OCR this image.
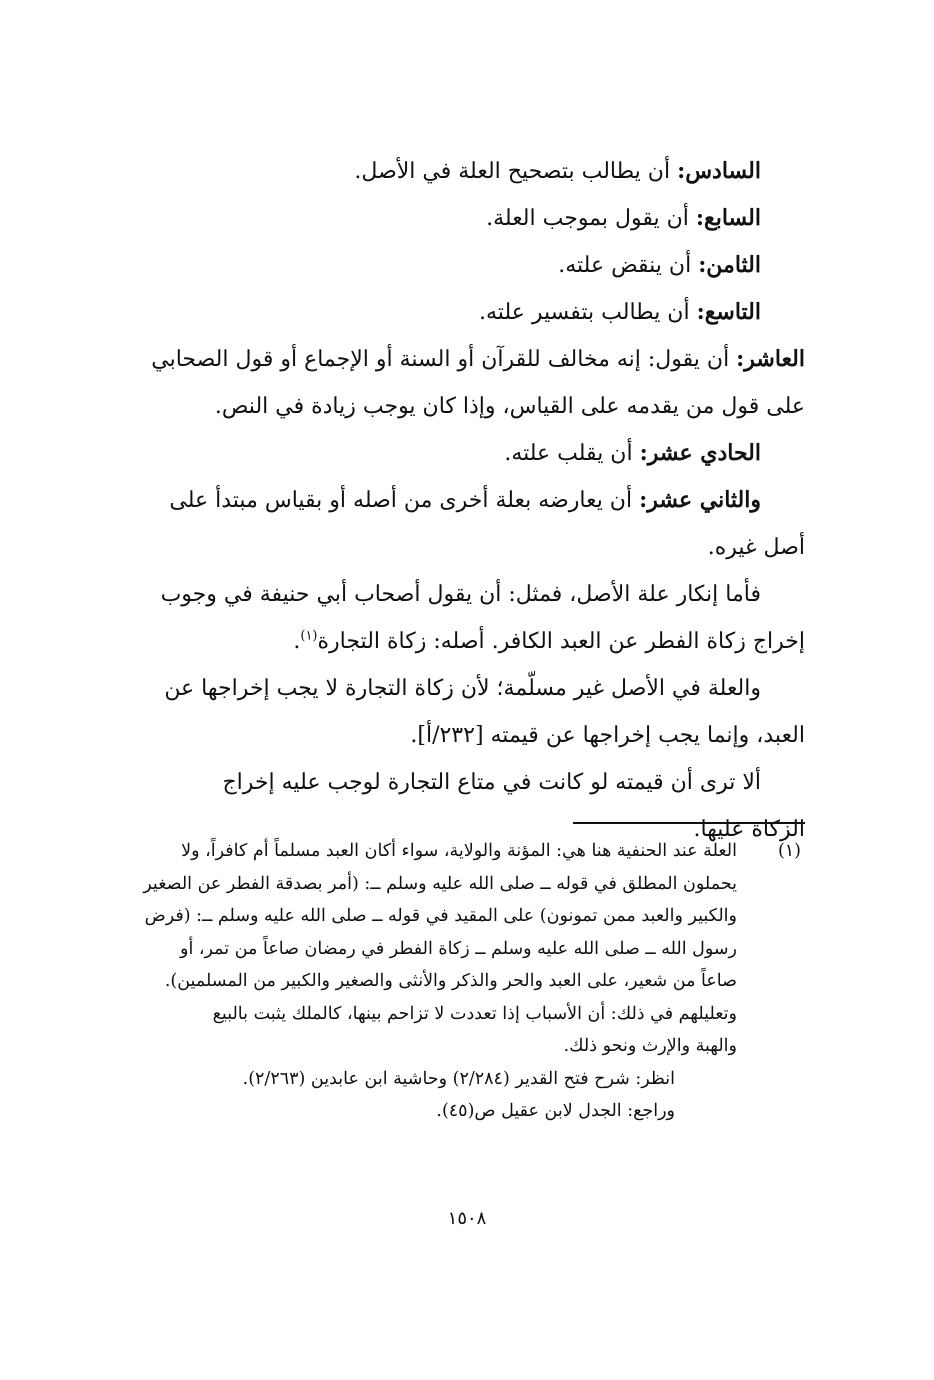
السادس: أن يطالب بتصحيح العلة في الأصل.

السابع: أن يقول بموجب العلة.

الثامن: أن ينقض علته.

التاسع: أن يطالب بتفسير علته.

العاشر: أن يقول: إنه مخالف للقرآن أو السنة أو الإجماع أو قول الصحابي

على قول من يقدمه على القياس، وإذا كان يوجب زيادة في النص.

الحادي عشر: أن يقلب علته.

والثاني عشر: أن يعارضه بعلة أخرى من أصله أو بقياس مبتدأ على

أصل غيره.

فأما إنكار علة الأصل، فمثل: أن يقول أصحاب أبي حنيفة في وجوب

إخراج زكاة الفطر عن العبد الكافر. أصله: زكاة التجارة$^{(١)}$.

والعلة في الأصل غير مسلّمة؛ لأن زكاة التجارة لا يجب إخراجها عن

العبد، وإنما يجب إخراجها عن قيمته [٢٣٢/أ].

ألا ترى أن قيمته لو كانت في متاع التجارة لوجب عليه إخراج

الزكاة عليها.

(١)

العلة عند الحنفية هنا هي: المؤنة والولاية، سواء أكان العبد مسلماً أم كافراً، ولا

يحملون المطلق في قوله ــ صلى الله عليه وسلم ــ: (أمر بصدقة الفطر عن الصغير

والكبير والعبد ممن تمونون) على المقيد في قوله ــ صلى الله عليه وسلم ــ: (فرض

رسول الله ــ صلى الله عليه وسلم ــ زكاة الفطر في رمضان صاعاً من تمر، أو

صاعاً من شعير، على العبد والحر والذكر والأنثى والصغير والكبير من المسلمين).

وتعليلهم في ذلك: أن الأسباب إذا تعددت لا تزاحم بينها، كالملك يثبت بالبيع

والهبة والإرث ونحو ذلك.

انظر: شرح فتح القدير (٢/٢٨٤) وحاشية ابن عابدين (٢/٢٦٣).

وراجع: الجدل لابن عقيل ص(٤٥).

١٥٠٨
